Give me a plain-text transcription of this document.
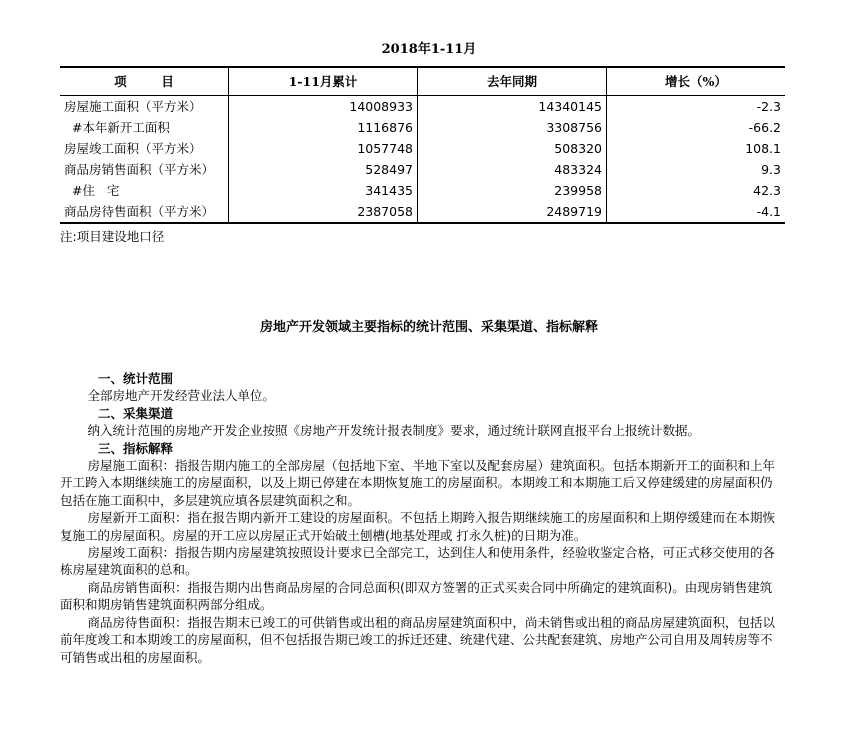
2018年1-11月
项        目	1-11月累计	去年同期	增长（%）
房屋施工面积（平方米）	14008933	14340145	-2.3
#本年新开工面积	1116876	3308756	-66.2
房屋竣工面积（平方米）	1057748	508320	108.1
商品房销售面积（平方米）	528497	483324	9.3
#住   宅	341435	239958	42.3
商品房待售面积（平方米）	2387058	2489719	-4.1
注:项目建设地口径
房地产开发领域主要指标的统计范围、采集渠道、指标解释

一、统计范围

全部房地产开发经营业法人单位。

二、采集渠道

纳入统计范围的房地产开发企业按照《房地产开发统计报表制度》要求，通过统计联网直报平台上报统计数据。

三、指标解释

房屋施工面积：指报告期内施工的全部房屋（包括地下室、半地下室以及配套房屋）建筑面积。包括本期新开工的面积和上年开工跨入本期继续施工的房屋面积，以及上期已停建在本期恢复施工的房屋面积。本期竣工和本期施工后又停建缓建的房屋面积仍包括在施工面积中，多层建筑应填各层建筑面积之和。

房屋新开工面积：指在报告期内新开工建设的房屋面积。不包括上期跨入报告期继续施工的房屋面积和上期停缓建而在本期恢复施工的房屋面积。房屋的开工应以房屋正式开始破土刨槽(地基处理或 打永久桩)的日期为准。

房屋竣工面积：指报告期内房屋建筑按照设计要求已全部完工，达到住人和使用条件，经验收鉴定合格，可正式移交使用的各栋房屋建筑面积的总和。

商品房销售面积：指报告期内出售商品房屋的合同总面积(即双方签署的正式买卖合同中所确定的建筑面积)。由现房销售建筑面积和期房销售建筑面积两部分组成。

商品房待售面积：指报告期末已竣工的可供销售或出租的商品房屋建筑面积中，尚未销售或出租的商品房屋建筑面积，包括以前年度竣工和本期竣工的房屋面积，但不包括报告期已竣工的拆迁还建、统建代建、公共配套建筑、房地产公司自用及周转房等不可销售或出租的房屋面积。
